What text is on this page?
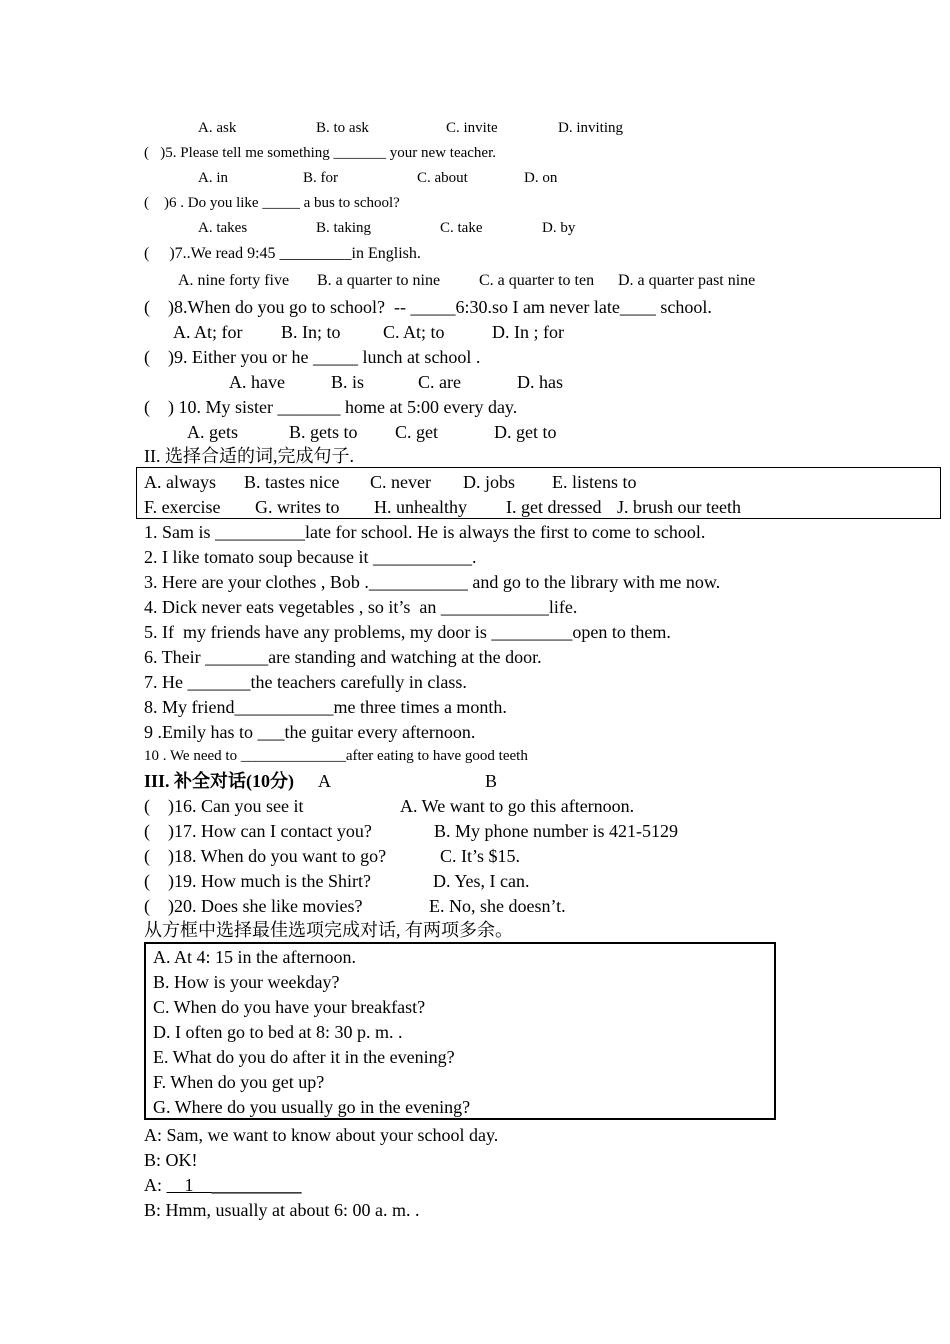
A. ask	B. to ask	C. invite	D. inviting
(   )5. Please tell me something _______ your new teacher.
A. in	B. for	C. about	D. on
(    )6 . Do you like _____ a bus to school?
A. takes	B. taking	C. take	D. by
(     )7..We read 9:45 _________in English.
A. nine forty five B. a quarter to nine C. a quarter to ten D. a quarter past nine
(    )8.When do you go to school?  -- _____6:30.so I am never late____ school.
A. At; for B. In; to C. At; to	D. In ; for
(    )9. Either you or he _____ lunch at school .
A. have	B. is	C. are	D. has
(    ) 10. My sister _______ home at 5:00 every day.
A. gets	B. gets to C. get	D. get to
II. 选择合适的词,完成句子.
A. always B. tastes nice C. never D. jobs E. listens to
F. exercise G. writes to H. unhealthy I. get dressed J. brush our teeth
1. Sam is __________late for school. He is always the first to come to school.
2. I like tomato soup because it ___________.
3. Here are your clothes , Bob .___________ and go to the library with me now.
4. Dick never eats vegetables , so it’s  an ____________life.
5. If  my friends have any problems, my door is _________open to them.
6. Their _______are standing and watching at the door.
7. He _______the teachers carefully in class.
8. My friend___________me three times a month.
9 .Emily has to ___the guitar every afternoon.
10 . We need to ______________after eating to have good teeth
III. 补全对话(10分) A	B
(    )16. Can you see it	A. We want to go this afternoon.
(    )17. How can I contact you?	B. My phone number is 421-5129
(    )18. When do you want to go?	C. It’s $15.
(    )19. How much is the Shirt?	D. Yes, I can.
(    )20. Does she like movies?	E. No, she doesn’t.
从方框中选择最佳选项完成对话, 有两项多余。
A. At 4: 15 in the afternoon.
B. How is your weekday?
C. When do you have your breakfast?
D. I often go to bed at 8: 30 p. m. .
E. What do you do after it in the evening?
F. When do you get up?
G. Where do you usually go in the evening?
A: Sam, we want to know about your school day.
B: OK!
A:     1    __________
B: Hmm, usually at about 6: 00 a. m. .
